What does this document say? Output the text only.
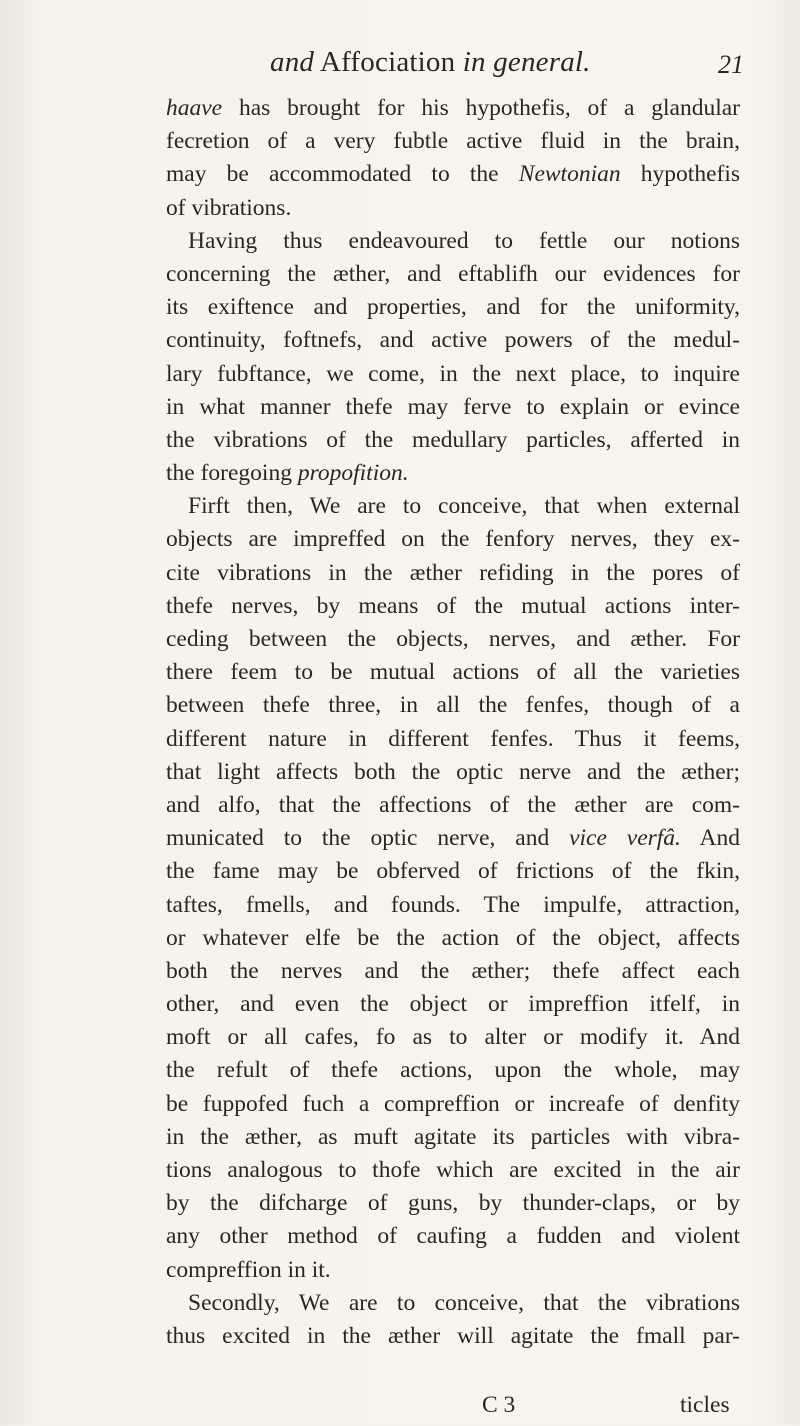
and Affociation in general.	21
haave has brought for his hypothefis, of a glandular
fecretion of a very fubtle active fluid in the brain,
may be accommodated to the Newtonian hypothefis
of vibrations.
Having thus endeavoured to fettle our notions
concerning the æther, and eftablifh our evidences for
its exiftence and properties, and for the uniformity,
continuity, foftnefs, and active powers of the medul-
lary fubftance, we come, in the next place, to inquire
in what manner thefe may ferve to explain or evince
the vibrations of the medullary particles, afferted in
the foregoing propofition.
Firft then, We are to conceive, that when external
objects are impreffed on the fenfory nerves, they ex-
cite vibrations in the æther refiding in the pores of
thefe nerves, by means of the mutual actions inter-
ceding between the objects, nerves, and æther. For
there feem to be mutual actions of all the varieties
between thefe three, in all the fenfes, though of a
different nature in different fenfes. Thus it feems,
that light affects both the optic nerve and the æther;
and alfo, that the affections of the æther are com-
municated to the optic nerve, and vice verfâ. And
the fame may be obferved of frictions of the fkin,
taftes, fmells, and founds. The impulfe, attraction,
or whatever elfe be the action of the object, affects
both the nerves and the æther; thefe affect each
other, and even the object or impreffion itfelf, in
moft or all cafes, fo as to alter or modify it. And
the refult of thefe actions, upon the whole, may
be fuppofed fuch a compreffion or increafe of denfity
in the æther, as muft agitate its particles with vibra-
tions analogous to thofe which are excited in the air
by the difcharge of guns, by thunder-claps, or by
any other method of caufing a fudden and violent
compreffion in it.
Secondly, We are to conceive, that the vibrations
thus excited in the æther will agitate the fmall par-
C 3	ticles
